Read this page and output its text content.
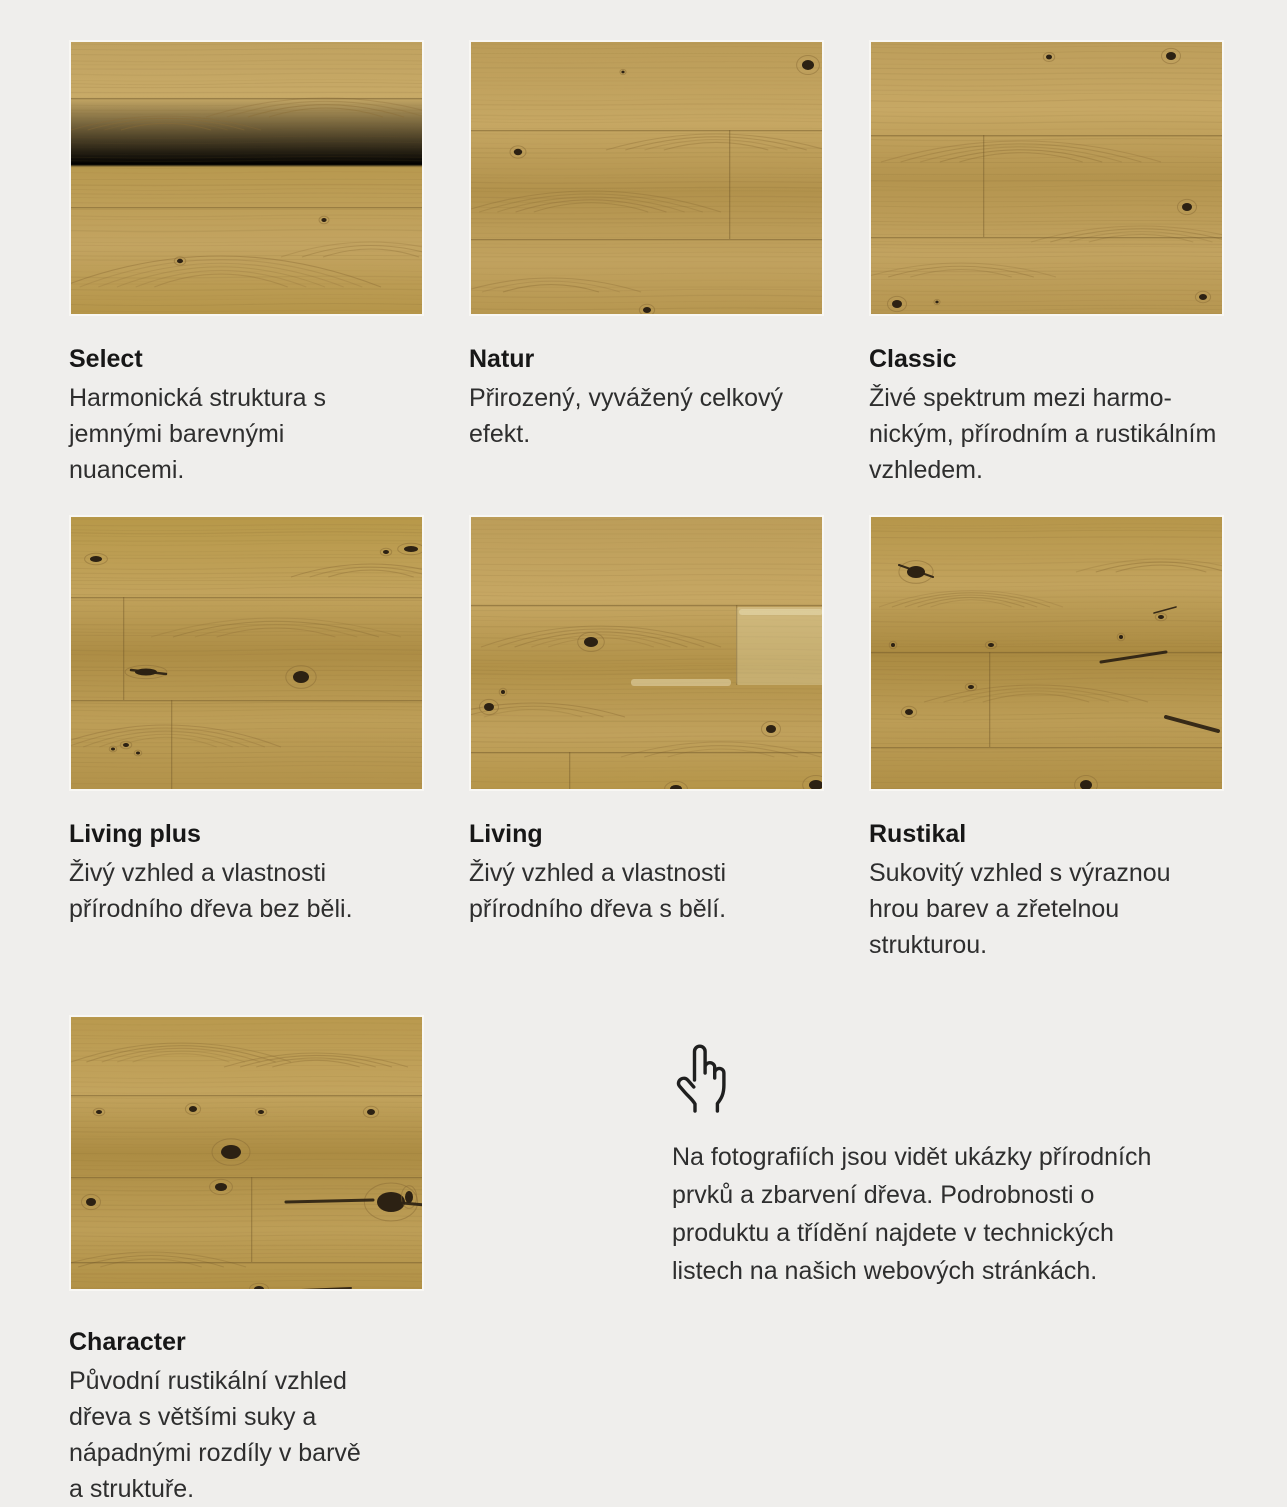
Select
Harmonická struktura s jemnými barevnými nuancemi.
Natur
Přirozený, vyvážený celkový efekt.
Classic
Živé spektrum mezi harmonickým, přírodním a rustikálním vzhledem.
Living plus
Živý vzhled a vlastnosti přírodního dřeva bez běli.
Living
Živý vzhled a vlastnosti přírodního dřeva s bělí.
Rustikal
Sukovitý vzhled s výraznou hrou barev a zřetelnou strukturou.
Character
Původní rustikální vzhled dřeva s většími suky a nápadnými rozdíly v barvě a struktuře.
Na fotografiích jsou vidět ukázky přírodních prvků a zbarvení dřeva. Podrobnosti o produktu a třídění najdete v technických listech na našich webových stránkách.
